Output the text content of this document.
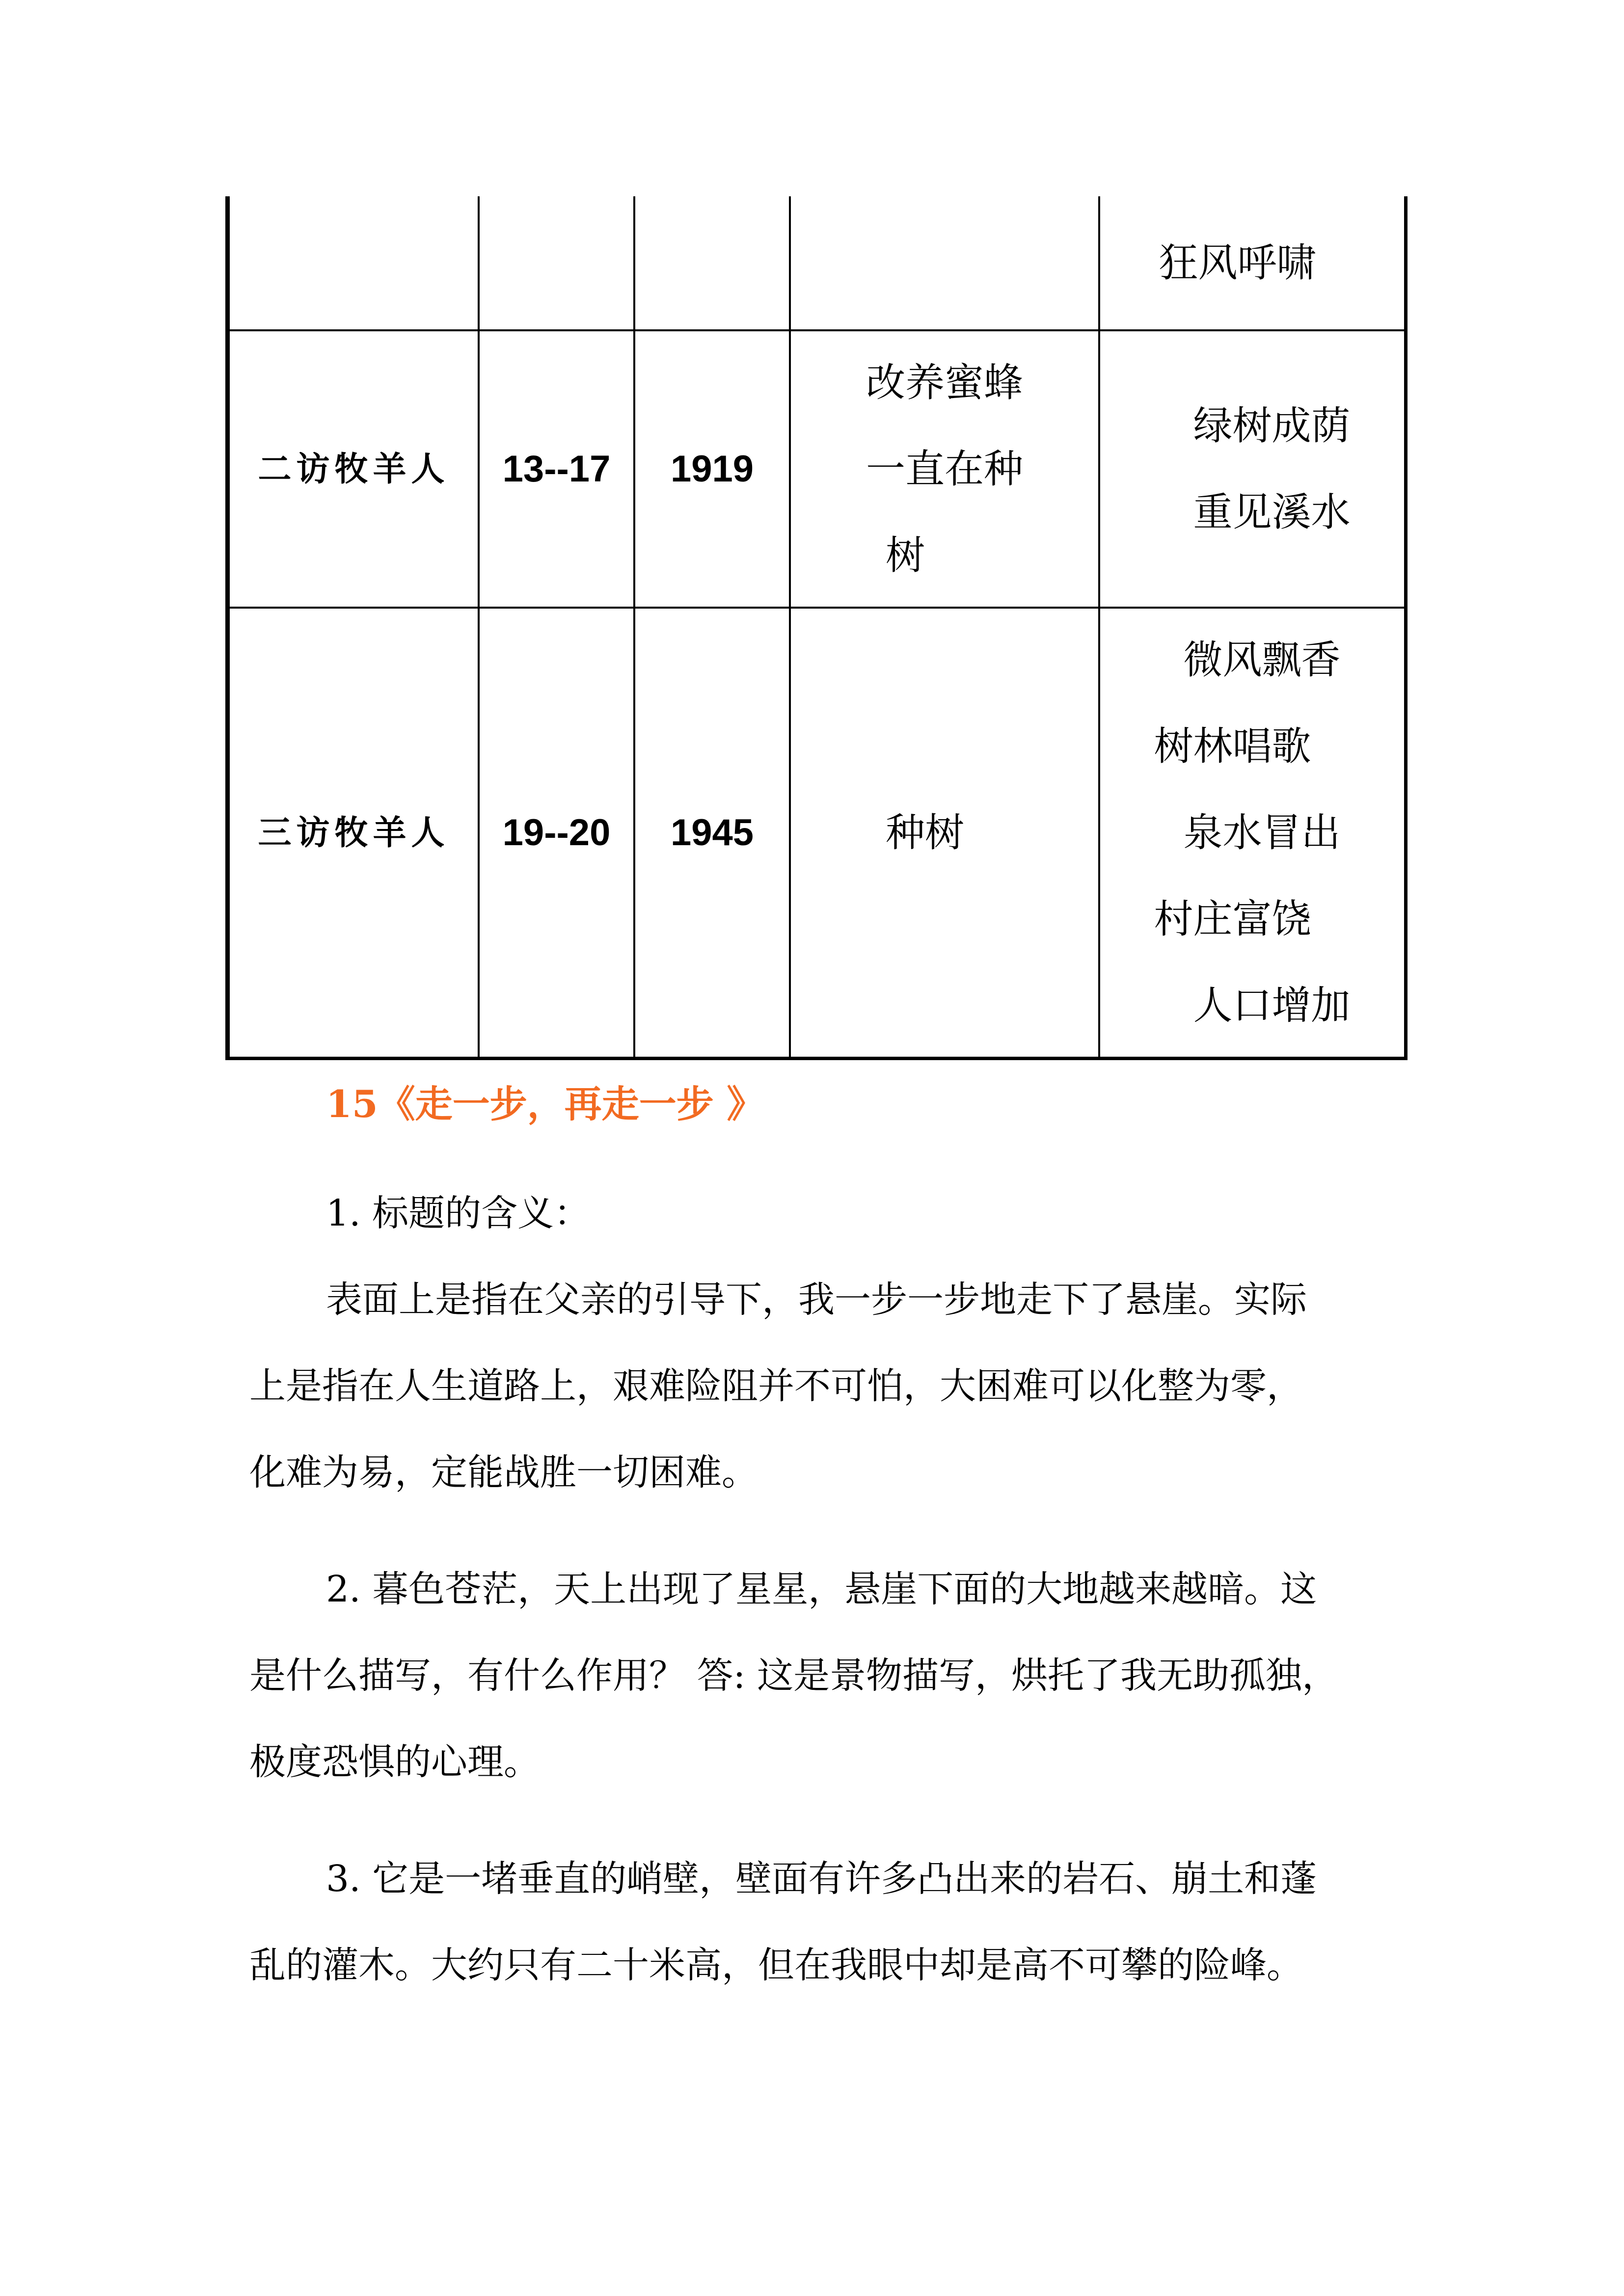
狂风呼啸
二访牧羊人 13--17 1919
改养蜜蜂
一直在种
树
绿树成荫
重见溪水
三访牧羊人 19--20 1945	种树
微风飘香
树林唱歌
泉水冒出
村庄富饶
人口增加
15《走一步，再走一步 》
1. 标题的含义：
表面上是指在父亲的引导下，我一步一步地走下了悬崖。实际
上是指在人生道路上，艰难险阻并不可怕，大困难可以化整为零，
化难为易，定能战胜一切困难。
2. 暮色苍茫，天上出现了星星，悬崖下面的大地越来越暗。这
是什么描写，有什么作用？ 答: 这是景物描写，烘托了我无助孤独，
极度恐惧的心理。
3. 它是一堵垂直的峭壁，壁面有许多凸出来的岩石、崩土和蓬
乱的灌木。大约只有二十米高，但在我眼中却是高不可攀的险峰。
